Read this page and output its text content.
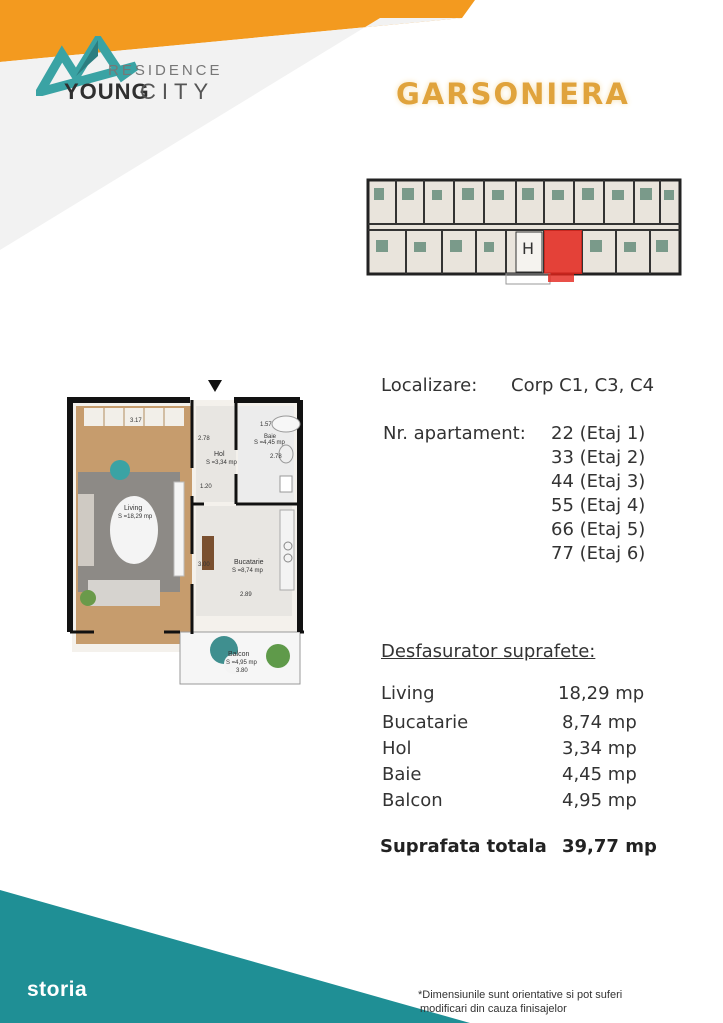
RESIDENCE
YOUNG
CITY	GARSONIERA
H
3.17
Hol
S =3,34 mp
1.20
2.78
1.57
Baie
S =4,45 mp
2.78
Living
S =18,29 mp
Bucatarie
S =8,74 mp
2.89
3.00
Balcon
S =4,95 mp
3.80
Localizare: Corp C1, C3, C4
Nr. apartament: 22 (Etaj 1)
33 (Etaj 2)
44 (Etaj 3)
55 (Etaj 4)
66 (Etaj 5)
77 (Etaj 6)
Desfasurator suprafete:
Living	18,29 mp
Bucatarie	8,74 mp
Hol	3,34 mp
Baie	4,45 mp
Balcon	4,95 mp
Suprafata totala 39,77 mp
storia	*Dimensiunile sunt orientative si pot suferi
modificari din cauza finisajelor
